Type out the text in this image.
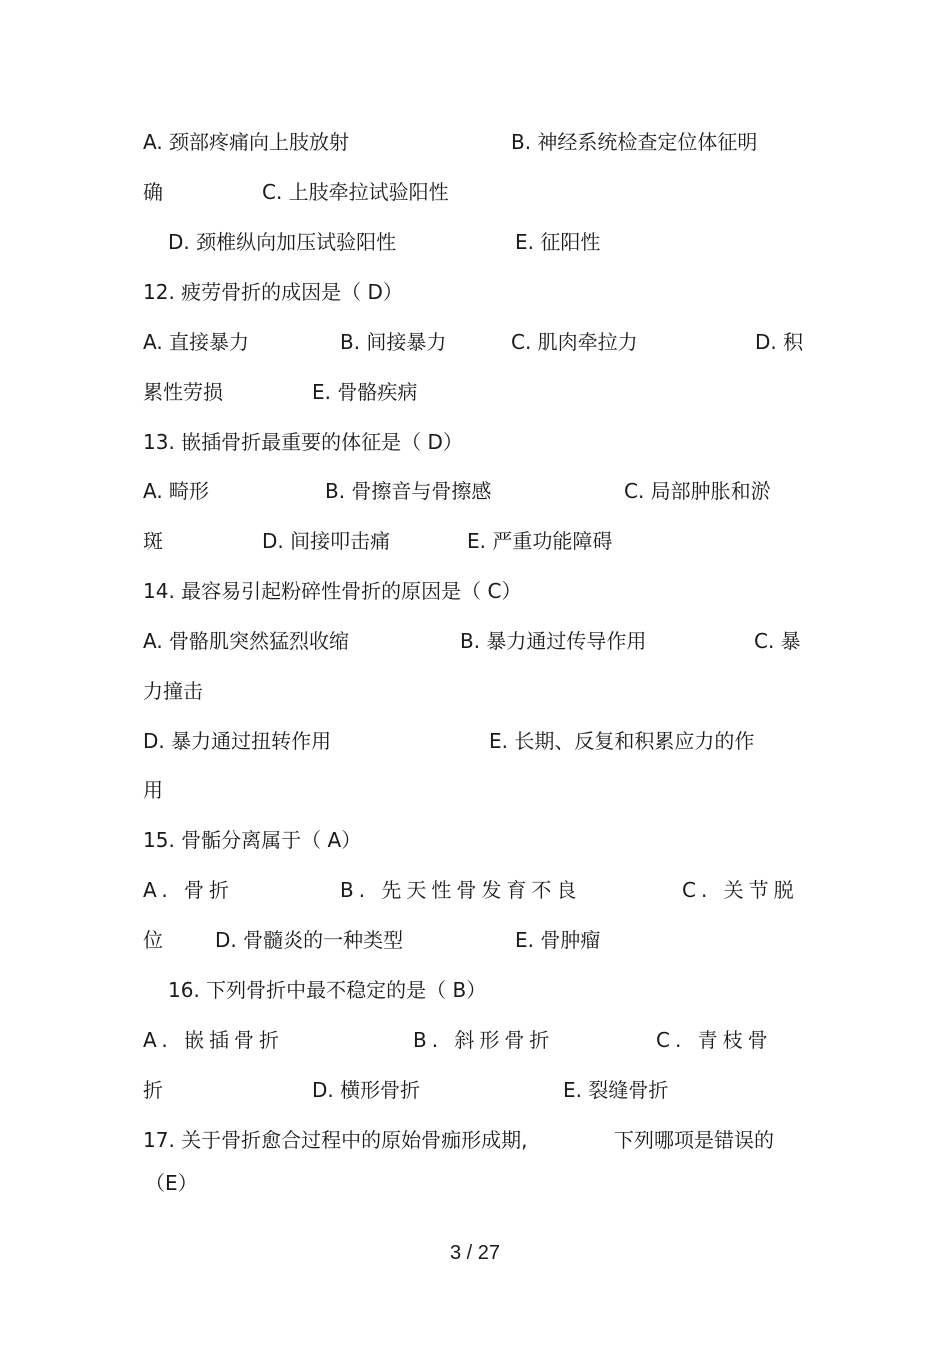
A. 颈部疼痛向上肢放射	B. 神经系统检查定位体征明
确	C. 上肢牵拉试验阳性
D. 颈椎纵向加压试验阳性	E. 征阳性
12. 疲劳骨折的成因是（ D）
A. 直接暴力	B. 间接暴力	C. 肌肉牵拉力	D. 积
累性劳损	E. 骨骼疾病
13. 嵌插骨折最重要的体征是（ D）
A. 畸形	B. 骨擦音与骨擦感	C. 局部肿胀和淤
斑	D. 间接叩击痛	E. 严重功能障碍
14. 最容易引起粉碎性骨折的原因是（ C）
A. 骨骼肌突然猛烈收缩	B. 暴力通过传导作用	C. 暴
力撞击
D. 暴力通过扭转作用	E. 长期、反复和积累应力的作
用
15. 骨骺分离属于（ A）
A. 骨折	B. 先天性骨发育不良	C. 关节脱
位	D. 骨髓炎的一种类型	E. 骨肿瘤
16. 下列骨折中最不稳定的是（ B）
A. 嵌插骨折	B. 斜形骨折	C. 青枝骨
折	D. 横形骨折	E. 裂缝骨折
17. 关于骨折愈合过程中的原始骨痂形成期,	下列哪项是错误的
（E）
3 / 27
